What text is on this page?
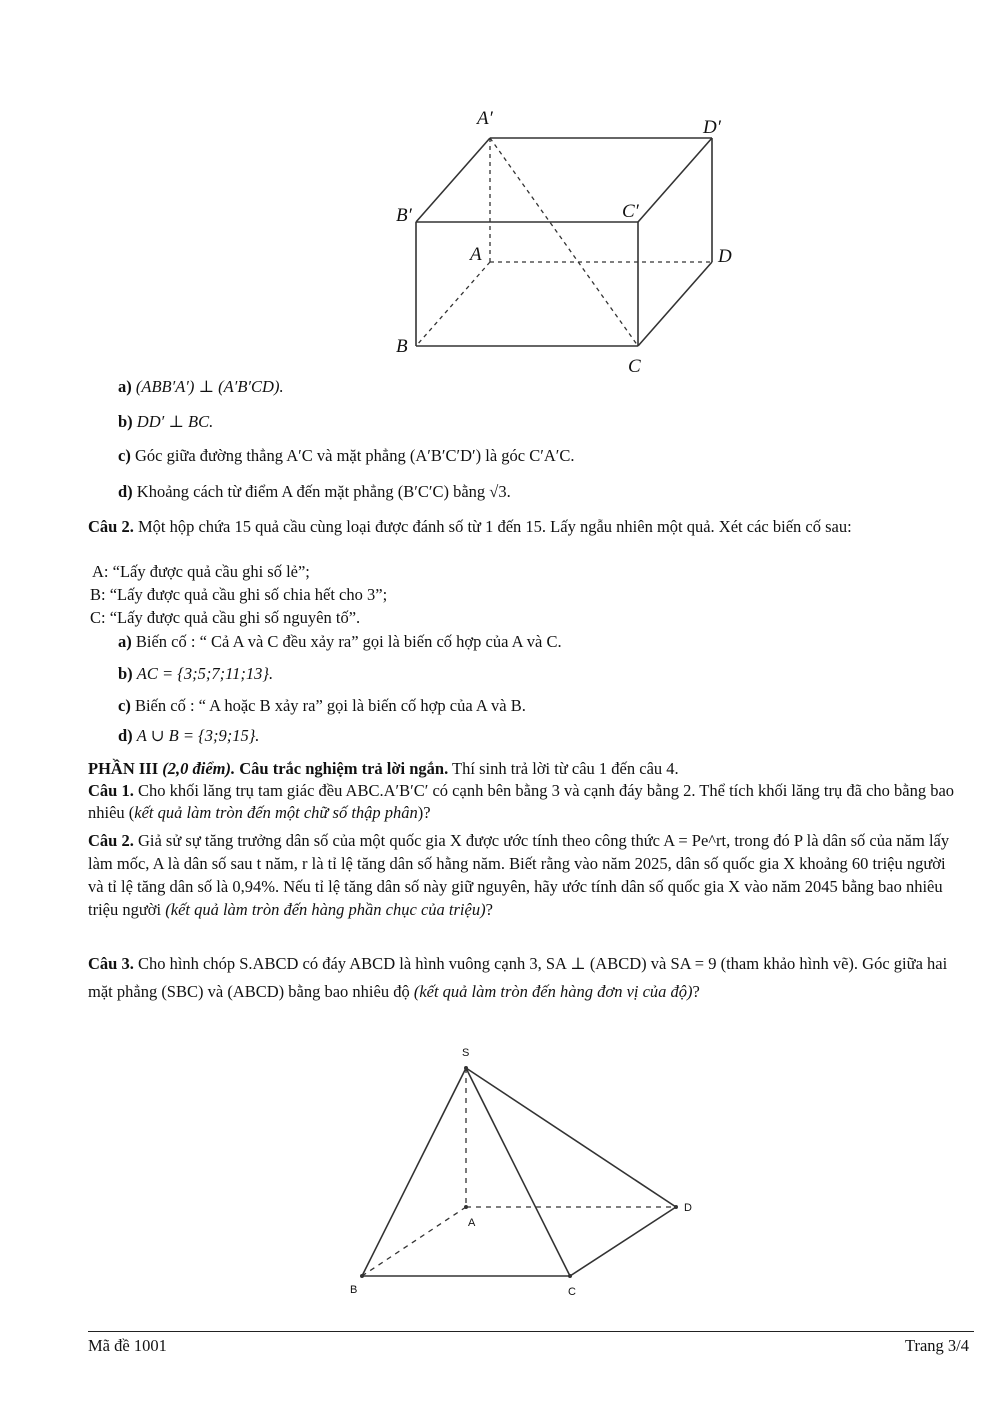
A′	D′
B′	C′
A	D
B
C
a) (ABB′A′) ⊥ (A′B′CD).
b) DD′ ⊥ BC.
c) Góc giữa đường thẳng A′C và mặt phẳng (A′B′C′D′) là góc C′A′C.
d) Khoảng cách từ điểm A đến mặt phẳng (B′C′C) bằng √3.
Câu 2. Một hộp chứa 15 quả cầu cùng loại được đánh số từ 1 đến 15. Lấy ngẫu nhiên một quả. Xét các biến cố sau:
A: “Lấy được quả cầu ghi số lẻ”;
B: “Lấy được quả cầu ghi số chia hết cho 3”;
C: “Lấy được quả cầu ghi số nguyên tố”.
a) Biến cố : “ Cả A và C đều xảy ra” gọi là biến cố hợp của A và C.
b) AC = {3;5;7;11;13}.
c) Biến cố : “ A hoặc B xảy ra” gọi là biến cố hợp của A và B.
d) A ∪ B = {3;9;15}.
PHẦN III (2,0 điểm). Câu trắc nghiệm trả lời ngắn. Thí sinh trả lời từ câu 1 đến câu 4.
Câu 1. Cho khối lăng trụ tam giác đều ABC.A′B′C′ có cạnh bên bằng 3 và cạnh đáy bằng 2. Thể tích khối lăng trụ đã cho bằng bao nhiêu (kết quả làm tròn đến một chữ số thập phân)?
Câu 2. Giả sử sự tăng trưởng dân số của một quốc gia X được ước tính theo công thức A = Pe^rt, trong đó P là dân số của năm lấy làm mốc, A là dân số sau t năm, r là tỉ lệ tăng dân số hằng năm. Biết rằng vào năm 2025, dân số quốc gia X khoảng 60 triệu người và tỉ lệ tăng dân số là 0,94%. Nếu tỉ lệ tăng dân số này giữ nguyên, hãy ước tính dân số quốc gia X vào năm 2045 bằng bao nhiêu triệu người (kết quả làm tròn đến hàng phần chục của triệu)?
Câu 3. Cho hình chóp S.ABCD có đáy ABCD là hình vuông cạnh 3, SA ⊥ (ABCD) và SA = 9 (tham khảo hình vẽ). Góc giữa hai mặt phẳng (SBC) và (ABCD) bằng bao nhiêu độ (kết quả làm tròn đến hàng đơn vị của độ)?
S
A
B	C
D
Mã đề 1001	Trang 3/4
